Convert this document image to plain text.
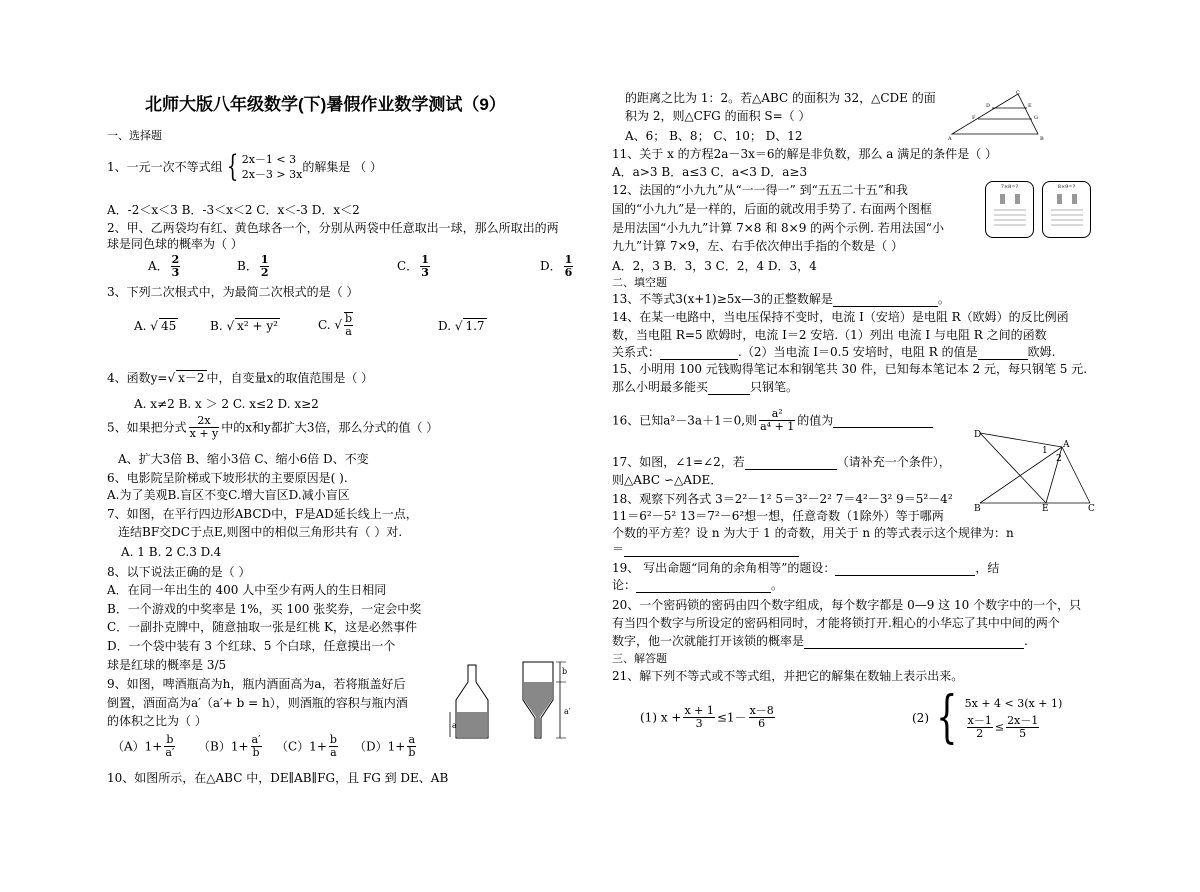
北师大版八年级数学(下)暑假作业数学测试（9）
一、选择题
1、一元一次不等式组 { 2x－1 < 3
2x－3 > 3x
的解集是 （ ）
A．-2＜x＜3 B．-3＜x＜2 C．x＜-3 D．x＜2
2、甲、乙两袋均有红、黄色球各一个，分别从两袋中任意取出一球，那么所取出的两
球是同色球的概率为（ ）
A． $\frac{2}{3}$	B． $\frac{1}{2}$	C． $\frac{1}{3}$	D． $\frac{1}{6}$
3、下列二次根式中，为最简二次根式的是（ ）
A. √ 45	B. √ x² + y²	C. √ $\frac{b}{a}$	D. √ 1.7
4、函数y=√ x－2 中，自变量x的取值范围是（ ）
A. x≠2 B. x ＞ 2 C. x≤2 D. x≥2
5、如果把分式 $\frac{2x}{x + y}$ 中的x和y都扩大3倍，那么分式的值（ ）
A、扩大3倍 B、缩小3倍 C、缩小6倍 D、不变
6、电影院呈阶梯或下坡形状的主要原因是( ).
A.为了美观B.盲区不变C.增大盲区D.减小盲区
7、如图，在平行四边形ABCD中，F是AD延长线上一点，
连结BF交DC于点E,则图中的相似三角形共有（ ）对.
A. 1 B. 2 C.3 D.4
8、以下说法正确的是（ ）
A．在同一年出生的 400 人中至少有两人的生日相同
B．一个游戏的中奖率是 1%，买 100 张奖券，一定会中奖
C．一副扑克牌中，随意抽取一张是红桃 K，这是必然事件
D．一个袋中装有 3 个红球、5 个白球，任意摸出一个
球是红球的概率是 3/5
9、如图，啤酒瓶高为h，瓶内酒面高为a，若将瓶盖好后
倒置，酒面高为a′（a′+ b = h），则酒瓶的容积与瓶内酒
的体积之比为（ ）
$(A)1+ \frac{b}{a'} (B)1+ \frac{a'}{b} (C)1+ \frac{b}{a} (D)1+ \frac{a}{b}$
a
b
a′
10、如图所示，在△ABC 中，DE∥AB∥FG，且 FG 到 DE、AB
的距离之比为 1：2。若△ABC 的面积为 32，△CDE 的面
积为 2，则△CFG 的面积 S=（ ）
A、6； B、8； C、10； D、12
D	E
F	G
C
B
A
11、关于 x 的方程2a－3x＝6的解是非负数，那么 a 满足的条件是（ ）
A．a>3 B．a≤3 C．a<3 D．a≥3
12、法国的“小九九”从“一一得一” 到“五五二十五”和我
国的“小九九”是一样的，后面的就改用手势了. 右面两个图框
是用法国“小九九”计算 7×8 和 8×9 的两个示例. 若用法国“小
九九”计算 7×9，左、右手依次伸出手指的个数是（ ）
A．2，3 B．3，3 C．2，4 D．3，4
7×8=?	8×9=?
二、填空题
13、不等式3(x+1)≥5x—3的正整数解是	。
14、在某一电路中，当电压保持不变时，电流 I（安培）是电阻 R（欧姆）的反比例函
数，当电阻 R=5 欧姆时，电流 I＝2 安培.（1）列出 电流 I 与电阻 R 之间的函数
关系式：	.（2）当电流 I＝0.5 安培时，电阻 R 的值是	欧姆.
15、小明用 100 元钱购得笔记本和钢笔共 30 件，已知每本笔记本 2 元，每只钢笔 5 元.
那么小明最多能买	只钢笔。
16、已知a²－3a＋1＝0,则 $\frac{\text{a²}}{\text{a⁴ + 1}}$ 的值为
17、如图，∠1=∠2，若	（请补充一个条件），
则△ABC ∽△ADE．
D
A
1
2
B	E	C
18、观察下列各式 3＝2²－1² 5＝3²－2² 7＝4²－3² 9＝5²－4²
11＝6²－5² 13＝7²－6²想一想，任意奇数（1除外）等于哪两
个数的平方差？设 n 为大于 1 的奇数，用关于 n 的等式表示这个规律为：n
＝
19、 写出命题“同角的余角相等”的题设：	，结
论：	。
20、一个密码锁的密码由四个数字组成，每个数字都是 0—9 这 10 个数字中的一个，只
有当四个数字与所设定的密码相同时，才能将锁打开.粗心的小华忘了其中中间的两个
数字，他一次就能打开该锁的概率是	.
三、解答题
21、解下列不等式或不等式组，并把它的解集在数轴上表示出来。
(1) $x + \frac{x + 1}{3} \le 1- \frac{x-8}{6}$	(2) { 5x + 4 < 3(x + 1)
$\frac{x-1}{2} \le \frac{2x-1}{5}$
